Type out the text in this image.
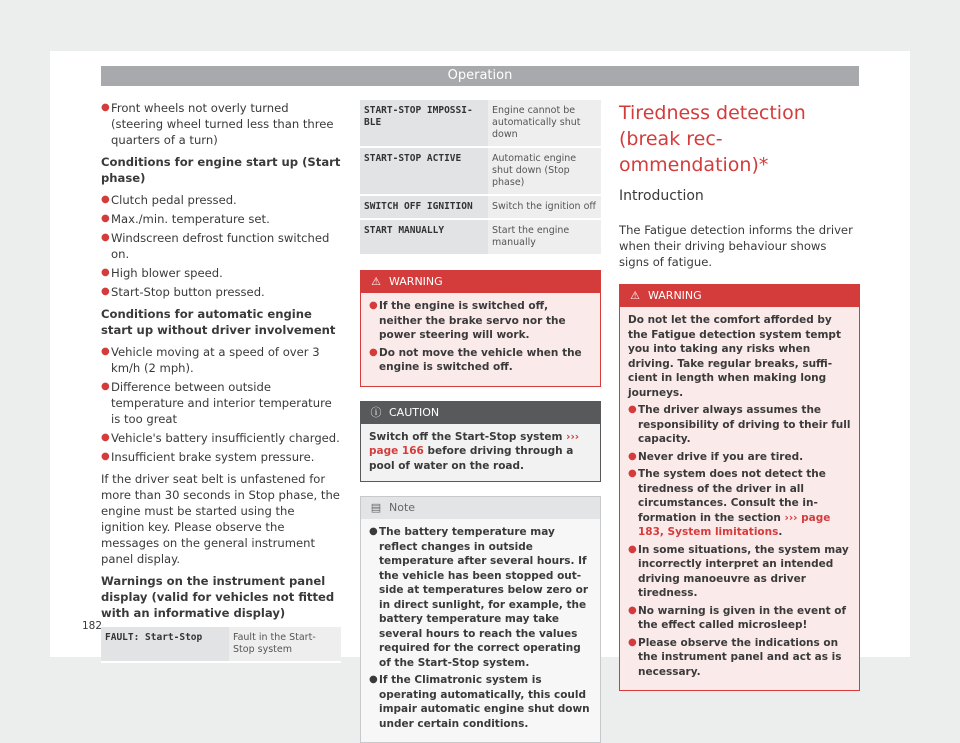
Operation
● Front wheels not overly turned (steering wheel turned less than three quarters of a turn)

Conditions for engine start up (Start phase)

● Clutch pedal pressed.
● Max./min. temperature set.
● Windscreen defrost function switched on.
● High blower speed.
● Start-Stop button pressed.

Conditions for automatic engine start up without driver involvement

● Vehicle moving at a speed of over 3 km/h (2 mph).
● Difference between outside temperature and interior temperature is too great
● Vehicle's battery insufficiently charged.
● Insufficient brake system pressure.

If the driver seat belt is unfastened for more than 30 seconds in Stop phase, the engine must be started using the ignition key. Please observe the messages on the general instrument panel display.

Warnings on the instrument panel display (valid for vehicles not fitted with an informative display)

FAULT: Start-Stop	Fault in the Start-Stop system
START-STOP IMPOSSIBLE	Engine cannot be automatically shut down
START-STOP ACTIVE	Automatic engine shut down (Stop phase)
SWITCH OFF IGNITION	Switch the ignition off
START MANUALLY	Start the engine manually
⚠ WARNING
● If the engine is switched off, neither the brake servo nor the power steering will work.
● Do not move the vehicle when the engine is switched off.
ⓘ CAUTION
Switch off the Start-Stop system ››› page 166 before driving through a pool of water on the road.
▤ Note
● The battery temperature may reflect changes in outside temperature after several hours. If the vehicle has been stopped outside at temperatures below zero or in direct sunlight, for example, the battery temperature may take several hours to reach the values required for the correct operating of the Start-Stop system.
● If the Climatronic system is operating automatically, this could impair automatic engine shut down under certain conditions.
Tiredness detection (break recommendation)*
Introduction

The Fatigue detection informs the driver when their driving behaviour shows signs of fatigue.

⚠ WARNING

Do not let the comfort afforded by the Fatigue detection system tempt you into taking any risks when driving. Take regular breaks, sufficient in length when making long journeys.

● The driver always assumes the responsibility of driving to their full capacity.
● Never drive if you are tired.
● The system does not detect the tiredness of the driver in all circumstances. Consult the information in the section ››› page 183, System limitations.
● In some situations, the system may incorrectly interpret an intended driving manoeuvre as driver tiredness.
● No warning is given in the event of the effect called microsleep!
● Please observe the indications on the instrument panel and act as is necessary.
182
